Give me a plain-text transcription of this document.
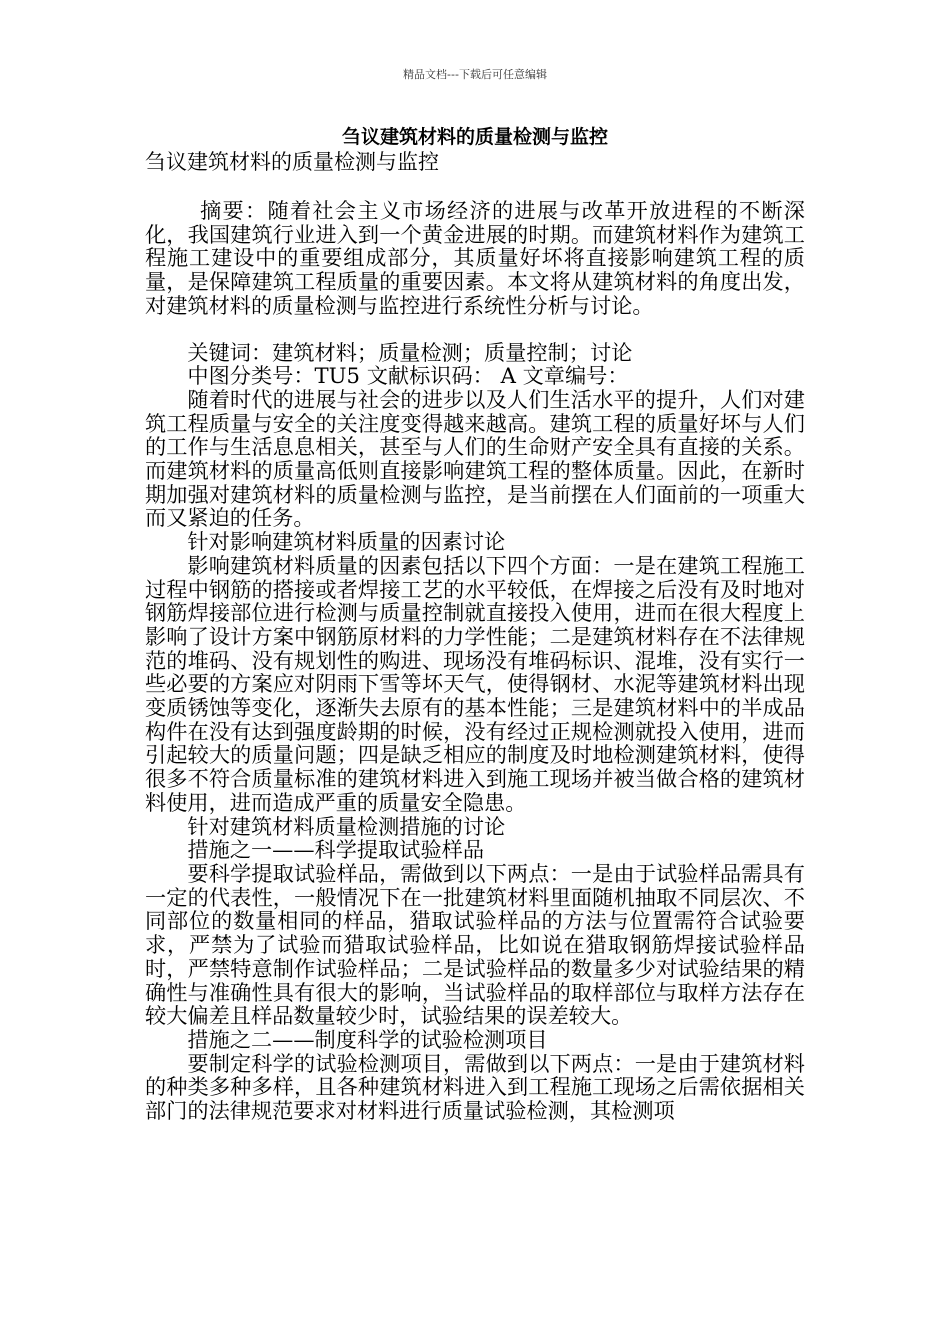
精品文档---下载后可任意编辑
刍议建筑材料的质量检测与监控

刍议建筑材料的质量检测与监控

摘要：随着社会主义市场经济的进展与改革开放进程的不断深化，我国建筑行业进入到一个黄金进展的时期。而建筑材料作为建筑工程施工建设中的重要组成部分，其质量好坏将直接影响建筑工程的质量，是保障建筑工程质量的重要因素。本文将从建筑材料的角度出发，对建筑材料的质量检测与监控进行系统性分析与讨论。

关键词：建筑材料；质量检测；质量控制；讨论

中图分类号：TU5 文献标识码： A 文章编号：

随着时代的进展与社会的进步以及人们生活水平的提升，人们对建筑工程质量与安全的关注度变得越来越高。建筑工程的质量好坏与人们的工作与生活息息相关，甚至与人们的生命财产安全具有直接的关系。而建筑材料的质量高低则直接影响建筑工程的整体质量。因此，在新时期加强对建筑材料的质量检测与监控，是当前摆在人们面前的一项重大而又紧迫的任务。

针对影响建筑材料质量的因素讨论

影响建筑材料质量的因素包括以下四个方面：一是在建筑工程施工过程中钢筋的搭接或者焊接工艺的水平较低，在焊接之后没有及时地对钢筋焊接部位进行检测与质量控制就直接投入使用，进而在很大程度上影响了设计方案中钢筋原材料的力学性能；二是建筑材料存在不法律规范的堆码、没有规划性的购进、现场没有堆码标识、混堆，没有实行一些必要的方案应对阴雨下雪等坏天气，使得钢材、水泥等建筑材料出现变质锈蚀等变化，逐渐失去原有的基本性能；三是建筑材料中的半成品构件在没有达到强度龄期的时候，没有经过正规检测就投入使用，进而引起较大的质量问题；四是缺乏相应的制度及时地检测建筑材料，使得很多不符合质量标准的建筑材料进入到施工现场并被当做合格的建筑材料使用，进而造成严重的质量安全隐患。

针对建筑材料质量检测措施的讨论

措施之一——科学提取试验样品

要科学提取试验样品，需做到以下两点：一是由于试验样品需具有一定的代表性，一般情况下在一批建筑材料里面随机抽取不同层次、不同部位的数量相同的样品，猎取试验样品的方法与位置需符合试验要求，严禁为了试验而猎取试验样品，比如说在猎取钢筋焊接试验样品时，严禁特意制作试验样品；二是试验样品的数量多少对试验结果的精确性与准确性具有很大的影响，当试验样品的取样部位与取样方法存在较大偏差且样品数量较少时，试验结果的误差较大。

措施之二——制度科学的试验检测项目

要制定科学的试验检测项目，需做到以下两点：一是由于建筑材料的种类多种多样，且各种建筑材料进入到工程施工现场之后需依据相关部门的法律规范要求对材料进行质量试验检测，其检测项
